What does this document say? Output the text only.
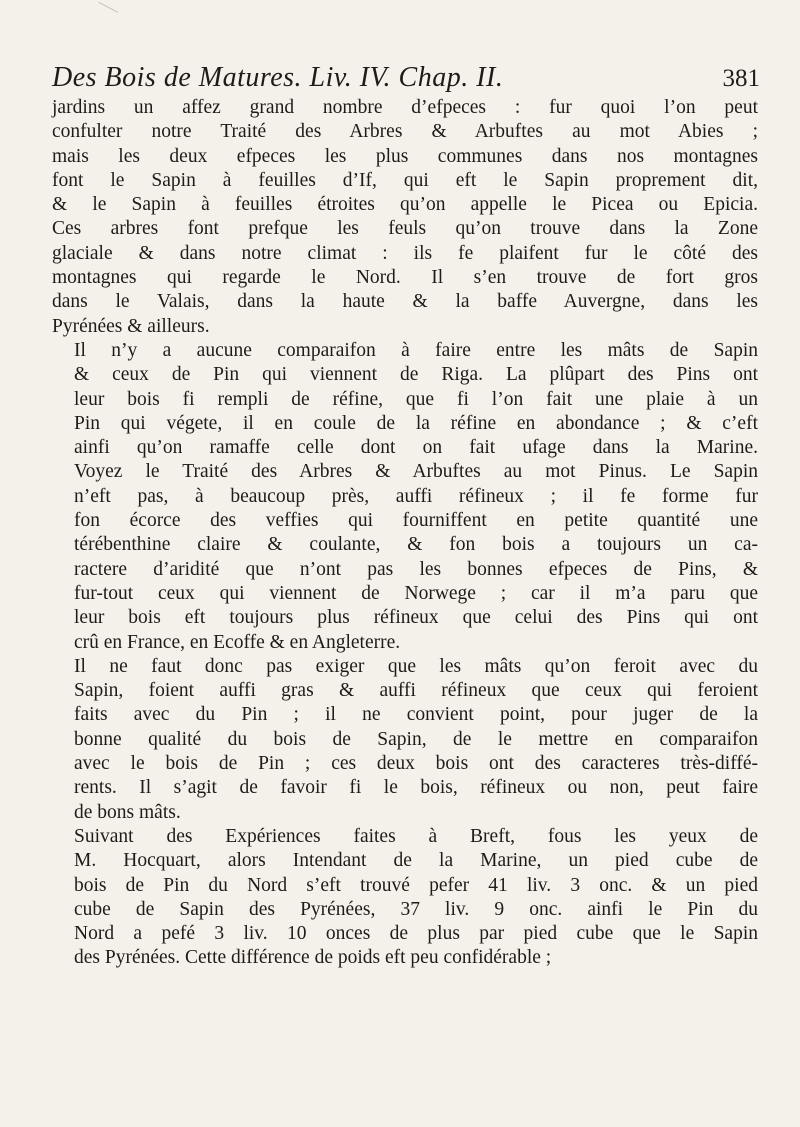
Des Bois de Matures. Liv. IV. Chap. II.	381

jardins un affez grand nombre d’efpeces : fur quoi l’on peut
confulter notre Traité des Arbres & Arbuftes au mot Abies ;
mais les deux efpeces les plus communes dans nos montagnes
font le Sapin à feuilles d’If, qui eft le Sapin proprement dit,
& le Sapin à feuilles étroites qu’on appelle le Picea ou Epicia.
Ces arbres font prefque les feuls qu’on trouve dans la Zone
glaciale & dans notre climat : ils fe plaifent fur le côté des
montagnes qui regarde le Nord. Il s’en trouve de fort gros
dans le Valais, dans la haute & la baffe Auvergne, dans les
Pyrénées & ailleurs.

Il n’y a aucune comparaifon à faire entre les mâts de Sapin
& ceux de Pin qui viennent de Riga. La plûpart des Pins ont
leur bois fi rempli de réfine, que fi l’on fait une plaie à un
Pin qui végete, il en coule de la réfine en abondance ; & c’eft
ainfi qu’on ramaffe celle dont on fait ufage dans la Marine.
Voyez le Traité des Arbres & Arbuftes au mot Pinus. Le Sapin
n’eft pas, à beaucoup près, auffi réfineux ; il fe forme fur
fon écorce des veffies qui fourniffent en petite quantité une
térébenthine claire & coulante, & fon bois a toujours un ca-
ractere d’aridité que n’ont pas les bonnes efpeces de Pins, &
fur-tout ceux qui viennent de Norwege ; car il m’a paru que
leur bois eft toujours plus réfineux que celui des Pins qui ont
crû en France, en Ecoffe & en Angleterre.

Il ne faut donc pas exiger que les mâts qu’on feroit avec du
Sapin, foient auffi gras & auffi réfineux que ceux qui feroient
faits avec du Pin ; il ne convient point, pour juger de la
bonne qualité du bois de Sapin, de le mettre en comparaifon
avec le bois de Pin ; ces deux bois ont des caracteres très-diffé-
rents. Il s’agit de favoir fi le bois, réfineux ou non, peut faire
de bons mâts.

Suivant des Expériences faites à Breft, fous les yeux de
M. Hocquart, alors Intendant de la Marine, un pied cube de
bois de Pin du Nord s’eft trouvé pefer 41 liv. 3 onc. & un pied
cube de Sapin des Pyrénées, 37 liv. 9 onc. ainfi le Pin du
Nord a pefé 3 liv. 10 onces de plus par pied cube que le Sapin
des Pyrénées. Cette différence de poids eft peu confidérable ;
